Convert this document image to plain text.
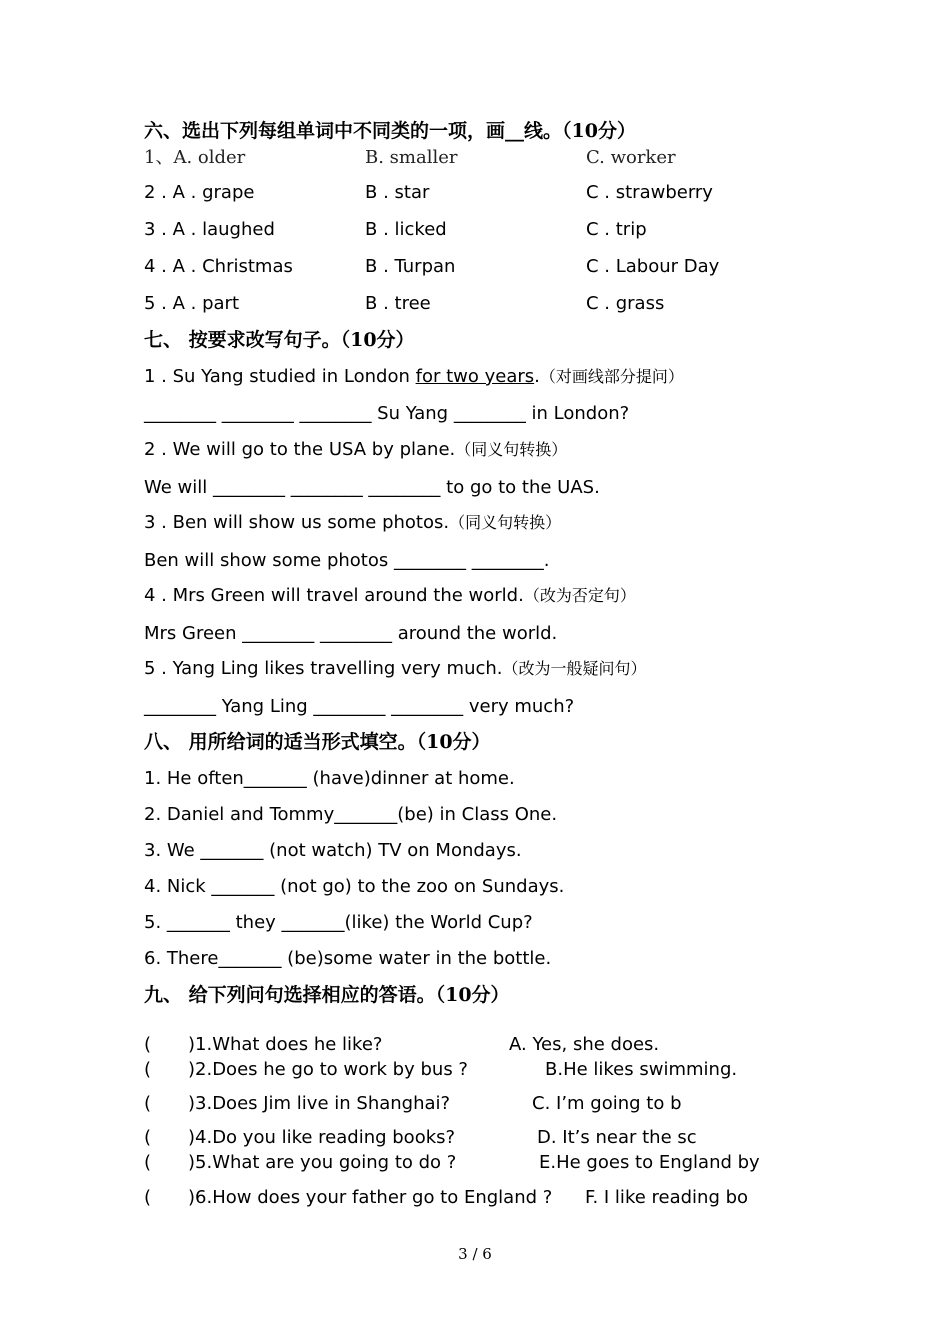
六、选出下列每组单词中不同类的一项，画__线。（10分）
1、A. older	B. smaller	C. worker
2 . A . grape	B . star	C . strawberry
3 . A . laughed	B . licked	C . trip
4 . A . Christmas	B . Turpan	C . Labour Day
5 . A . part	B . tree	C . grass
七、 按要求改写句子。（10分）
1 . Su Yang studied in London for two years.（对画线部分提问）
________ ________ ________ Su Yang ________ in London?
2 . We will go to the USA by plane.（同义句转换）
We will ________ ________ ________ to go to the UAS.
3 . Ben will show us some photos.（同义句转换）
Ben will show some photos ________ ________.
4 . Mrs Green will travel around the world.（改为否定句）
Mrs Green ________ ________ around the world.
5 . Yang Ling likes travelling very much.（改为一般疑问句）
________ Yang Ling ________ ________ very much?
八、 用所给词的适当形式填空。（10分）
1. He often_______ (have)dinner at home.
2. Daniel and Tommy_______(be) in Class One.
3. We _______ (not watch) TV on Mondays.
4. Nick _______ (not go) to the zoo on Sundays.
5. _______ they _______(like) the World Cup?
6. There_______ (be)some water in the bottle.
九、 给下列问句选择相应的答语。（10分）
( )1.What does he like?	A. Yes, she does.
( )2.Does he go to work by bus ?	B.He likes swimming.
( )3.Does Jim live in Shanghai?	C. I’m going to b
( )4.Do you like reading books?	D. It’s near the sc
( )5.What are you going to do ?	E.He goes to England by
( )6.How does your father go to England ? F. I like reading bo
3 / 6
